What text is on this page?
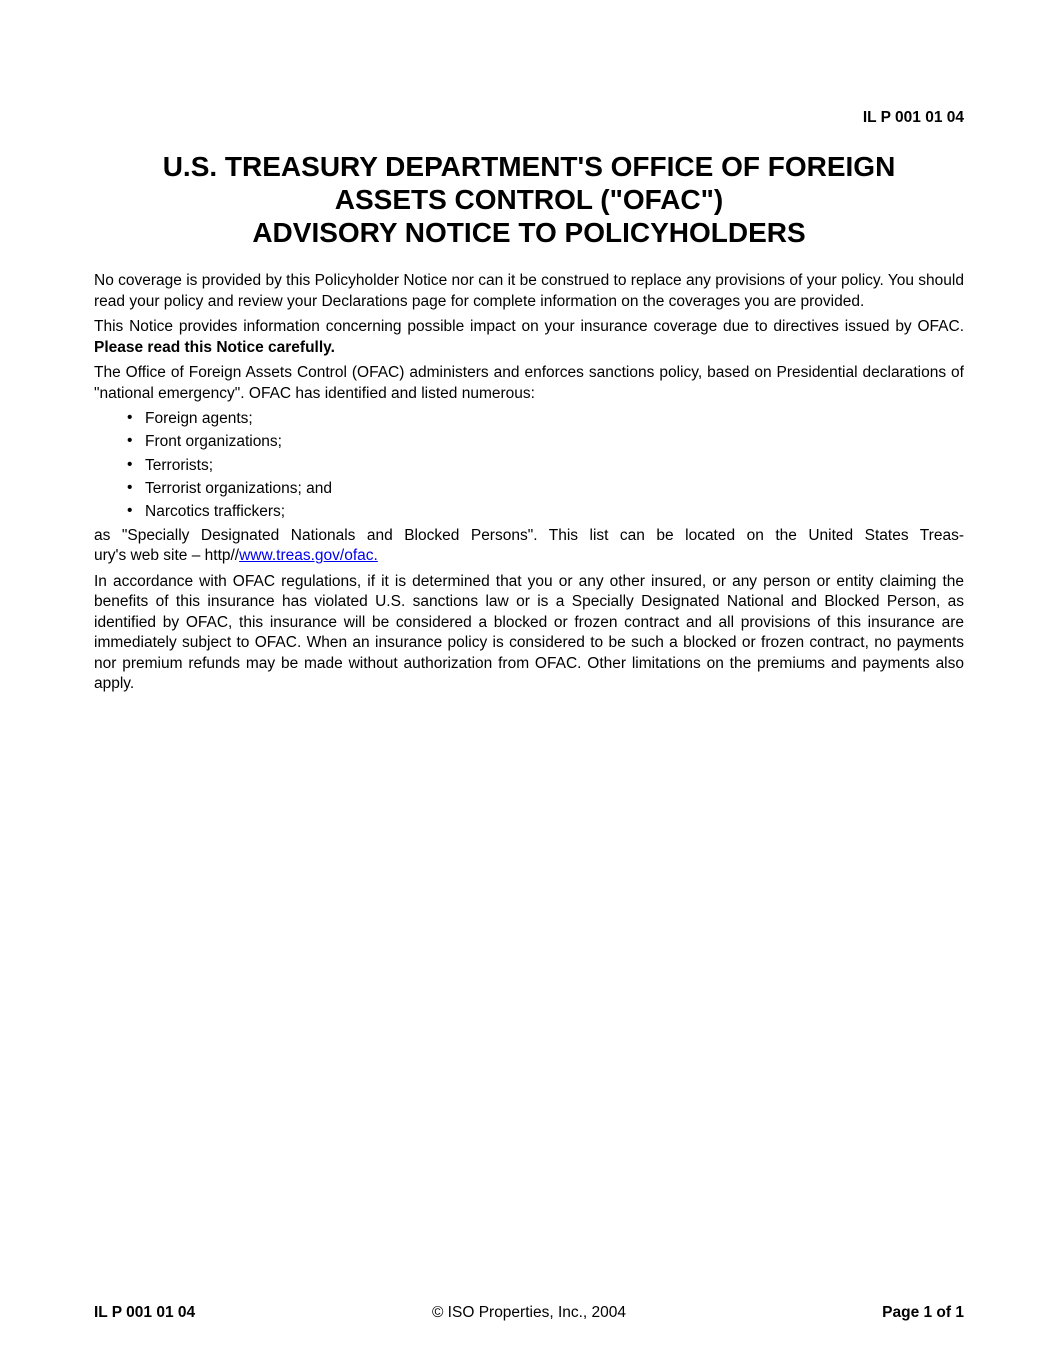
IL P 001 01 04
U.S. TREASURY DEPARTMENT'S OFFICE OF FOREIGN
ASSETS CONTROL ("OFAC")
ADVISORY NOTICE TO POLICYHOLDERS

No coverage is provided by this Policyholder Notice nor can it be construed to replace any provisions of your policy. You should read your policy and review your Declarations page for complete information on the coverages you are provided.

This Notice provides information concerning possible impact on your insurance coverage due to directives issued by OFAC. Please read this Notice carefully.

The Office of Foreign Assets Control (OFAC) administers and enforces sanctions policy, based on Presidential declarations of "national emergency". OFAC has identified and listed numerous:

• Foreign agents;
• Front organizations;
• Terrorists;
• Terrorist organizations; and
• Narcotics traffickers;

as "Specially Designated Nationals and Blocked Persons". This list can be located on the United States Treas-
ury's web site – http//www.treas.gov/ofac.

In accordance with OFAC regulations, if it is determined that you or any other insured, or any person or entity claiming the benefits of this insurance has violated U.S. sanctions law or is a Specially Designated National and Blocked Person, as identified by OFAC, this insurance will be considered a blocked or frozen contract and all provisions of this insurance are immediately subject to OFAC. When an insurance policy is considered to be such a blocked or frozen contract, no payments nor premium refunds may be made without authorization from OFAC. Other limitations on the premiums and payments also apply.

IL P 001 01 04	© ISO Properties, Inc., 2004	Page 1 of 1
